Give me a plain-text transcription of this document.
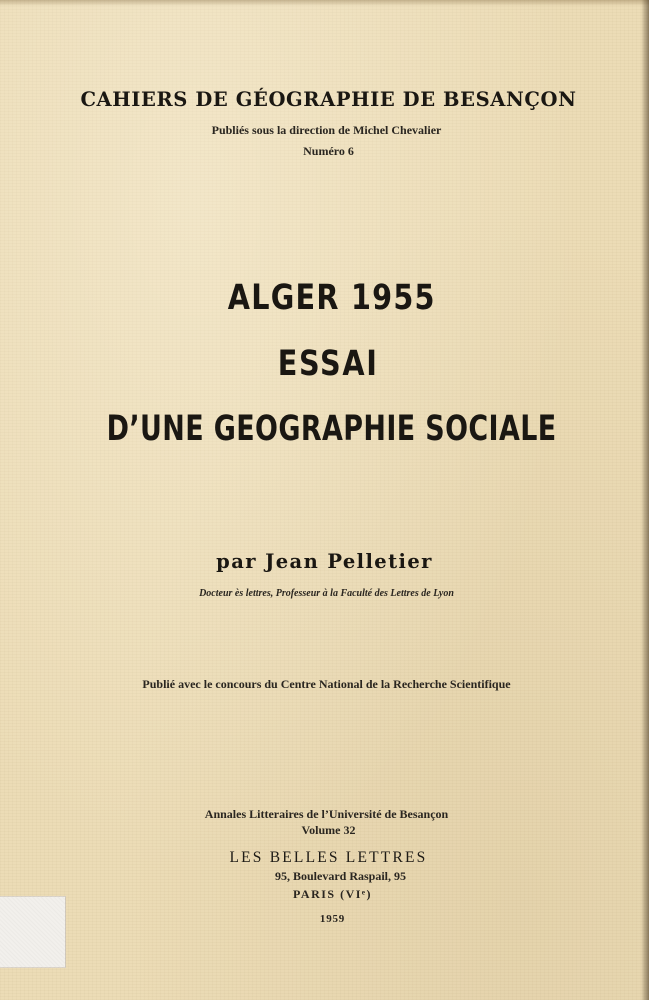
CAHIERS DE GÉOGRAPHIE DE BESANÇON
Publiés sous la direction de Michel Chevalier
Numéro 6
ALGER 1955
ESSAI
D’UNE GEOGRAPHIE SOCIALE
par Jean Pelletier
Docteur ès lettres, Professeur à la Faculté des Lettres de Lyon
Publié avec le concours du Centre National de la Recherche Scientifique
Annales Litteraires de l’Université de Besançon
Volume 32
LES BELLES LETTRES
95, Boulevard Raspail, 95
PARIS (VIᵉ)
1959
